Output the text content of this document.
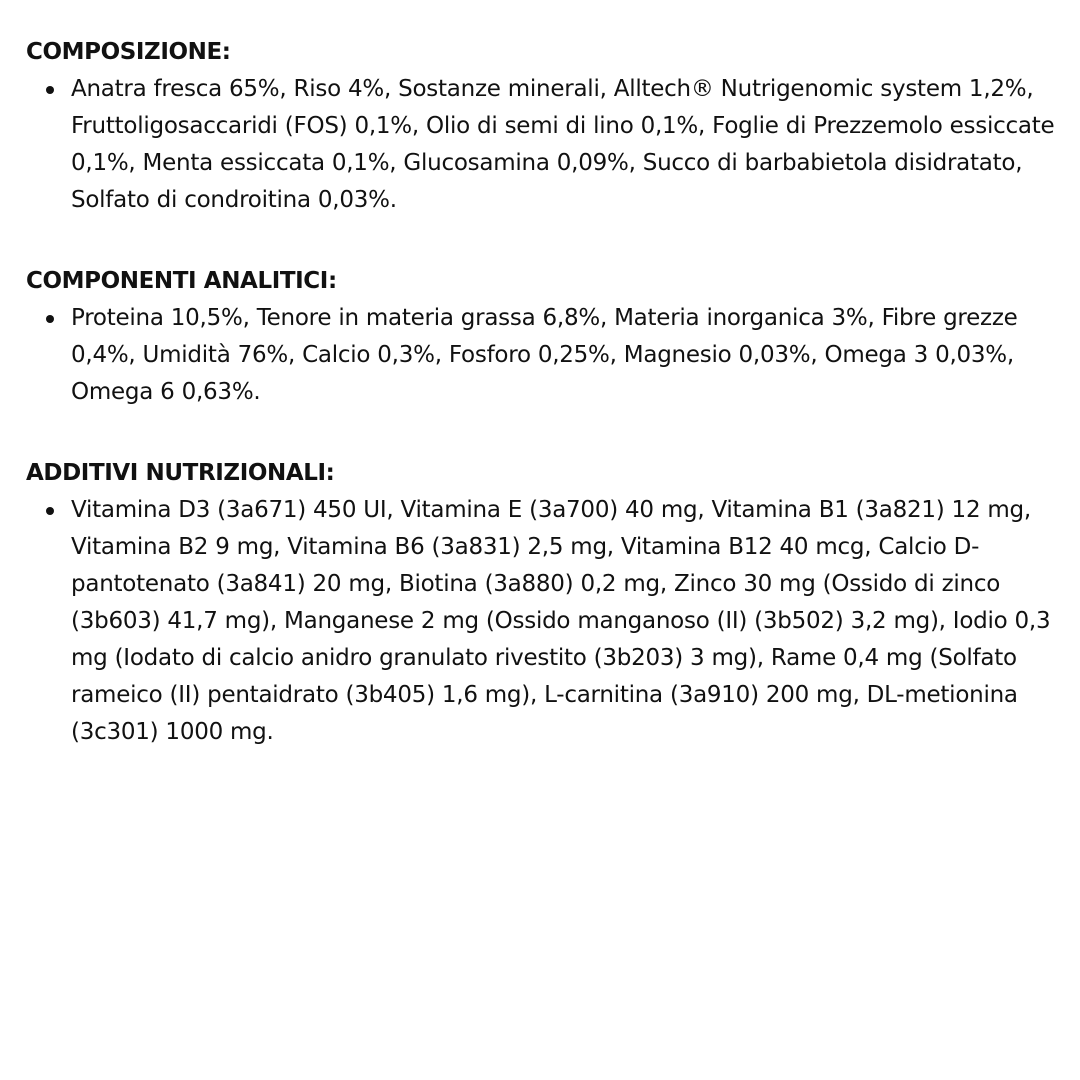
COMPOSIZIONE:
Anatra fresca 65%, Riso 4%, Sostanze minerali, Alltech® Nutrigenomic system 1,2%, Fruttoligosaccaridi (FOS) 0,1%, Olio di semi di lino 0,1%, Foglie di Prezzemolo essiccate 0,1%, Menta essiccata 0,1%, Glucosamina 0,09%, Succo di barbabietola disidratato, Solfato di condroitina 0,03%.
COMPONENTI ANALITICI:
Proteina 10,5%, Tenore in materia grassa 6,8%, Materia inorganica 3%, Fibre grezze 0,4%, Umidità 76%, Calcio 0,3%, Fosforo 0,25%, Magnesio 0,03%, Omega 3 0,03%, Omega 6 0,63%.
ADDITIVI NUTRIZIONALI:
Vitamina D3 (3a671) 450 UI, Vitamina E (3a700) 40 mg, Vitamina B1 (3a821) 12 mg, Vitamina B2 9 mg, Vitamina B6 (3a831) 2,5 mg, Vitamina B12 40 mcg, Calcio D-pantotenato (3a841) 20 mg, Biotina (3a880) 0,2 mg, Zinco 30 mg (Ossido di zinco (3b603) 41,7 mg), Manganese 2 mg (Ossido manganoso (II) (3b502) 3,2 mg), Iodio 0,3 mg (Iodato di calcio anidro granulato rivestito (3b203) 3 mg), Rame 0,4 mg (Solfato rameico (II) pentaidrato (3b405) 1,6 mg), L-carnitina (3a910) 200 mg, DL-metionina (3c301) 1000 mg.
